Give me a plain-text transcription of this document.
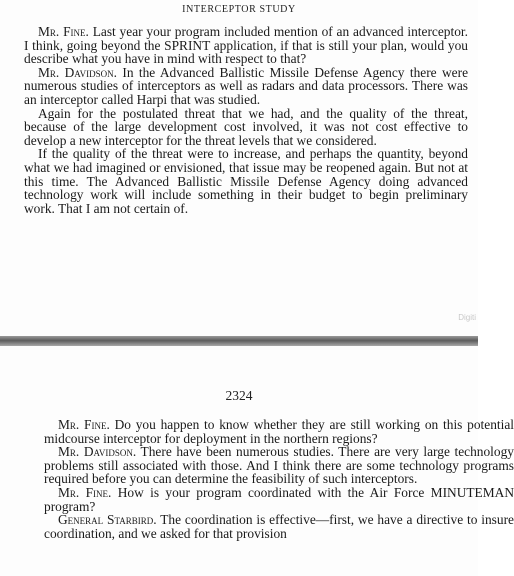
INTERCEPTOR STUDY

Mr. Fine. Last year your program included mention of an advanced interceptor. I think, going beyond the SPRINT application, if that is still your plan, would you describe what you have in mind with respect to that?

Mr. Davidson. In the Advanced Ballistic Missile Defense Agency there were numerous studies of interceptors as well as radars and data processors. There was an interceptor called Harpi that was studied.

Again for the postulated threat that we had, and the quality of the threat, because of the large development cost involved, it was not cost effective to develop a new interceptor for the threat levels that we considered.

If the quality of the threat were to increase, and perhaps the quantity, beyond what we had imagined or envisioned, that issue may be reopened again. But not at this time. The Advanced Ballistic Missile Defense Agency doing advanced technology work will include something in their budget to begin preliminary work. That I am not certain of.

Digiti
2324

Mr. Fine. Do you happen to know whether they are still working on this potential midcourse interceptor for deployment in the northern regions?

Mr. Davidson. There have been numerous studies. There are very large technology problems still associated with those. And I think there are some technology programs required before you can determine the feasibility of such interceptors.

Mr. Fine. How is your program coordinated with the Air Force MINUTEMAN program?

General Starbird. The coordination is effective—first, we have a directive to insure coordination, and we asked for that provision
